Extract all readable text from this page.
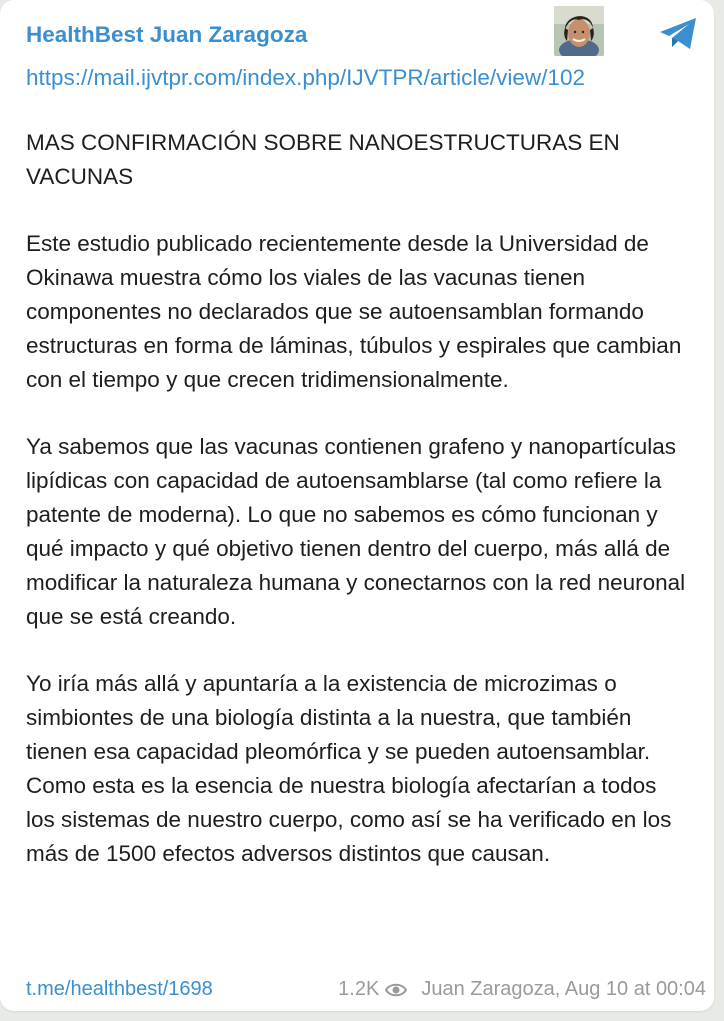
HealthBest Juan Zaragoza
https://mail.ijvtpr.com/index.php/IJVTPR/article/view/102
MAS CONFIRMACIÓN SOBRE NANOESTRUCTURAS EN VACUNAS
Este estudio publicado recientemente desde la Universidad de Okinawa muestra cómo los viales de las vacunas tienen componentes no declarados que se autoensamblan formando estructuras en forma de láminas, túbulos y espirales que cambian con el tiempo y que crecen tridimensionalmente.
Ya sabemos que las vacunas contienen grafeno y nanopartículas lipídicas con capacidad de autoensamblarse (tal como refiere la patente de moderna). Lo que no sabemos es cómo funcionan y qué impacto y qué objetivo tienen dentro del cuerpo, más allá de modificar la naturaleza humana y conectarnos con la red neuronal que se está creando.
Yo iría más allá y apuntaría a la existencia de microzimas o simbiontes de una biología distinta a la nuestra, que también tienen esa capacidad pleomórfica y se pueden autoensamblar. Como esta es la esencia de nuestra biología afectarían a todos los sistemas de nuestro cuerpo, como así se ha verificado en los más de 1500 efectos adversos distintos que causan.
t.me/healthbest/1698	1.2K Juan Zaragoza, Aug 10 at 00:04
